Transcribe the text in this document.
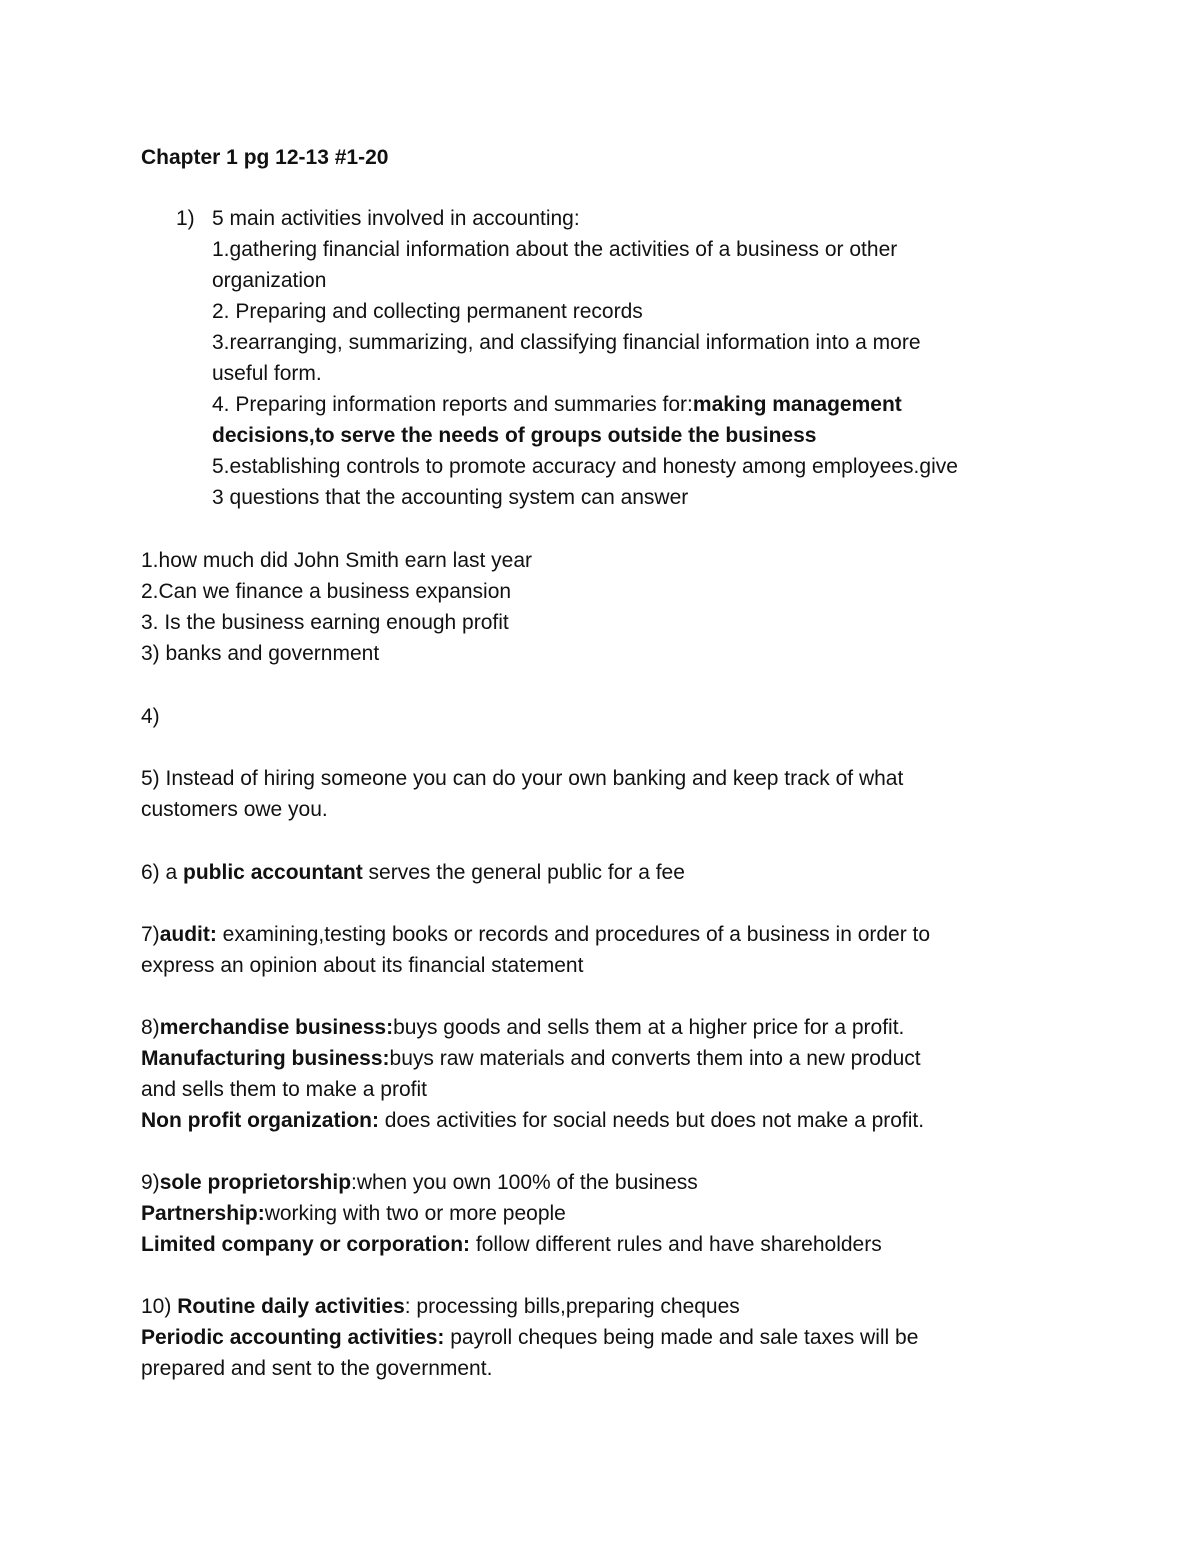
Chapter 1 pg 12-13 #1-20
1) 5 main activities involved in accounting:
1.gathering financial information about the activities of a business or other
organization
2. Preparing and collecting permanent records
3.rearranging, summarizing, and classifying financial information into a more
useful form.
4. Preparing information reports and summaries for:making management
decisions,to serve the needs of groups outside the business
5.establishing controls to promote accuracy and honesty among employees.give
3 questions that the accounting system can answer
1.how much did John Smith earn last year
2.Can we finance a business expansion
3. Is the business earning enough profit
3) banks and government
4)
5) Instead of hiring someone you can do your own banking and keep track of what
customers owe you.
6) a public accountant serves the general public for a fee
7)audit: examining,testing books or records and procedures of a business in order to
express an opinion about its financial statement
8)merchandise business:buys goods and sells them at a higher price for a profit.
Manufacturing business:buys raw materials and converts them into a new product
and sells them to make a profit
Non profit organization: does activities for social needs but does not make a profit.
9)sole proprietorship:when you own 100% of the business
Partnership:working with two or more people
Limited company or corporation: follow different rules and have shareholders
10) Routine daily activities: processing bills,preparing cheques
Periodic accounting activities: payroll cheques being made and sale taxes will be
prepared and sent to the government.
